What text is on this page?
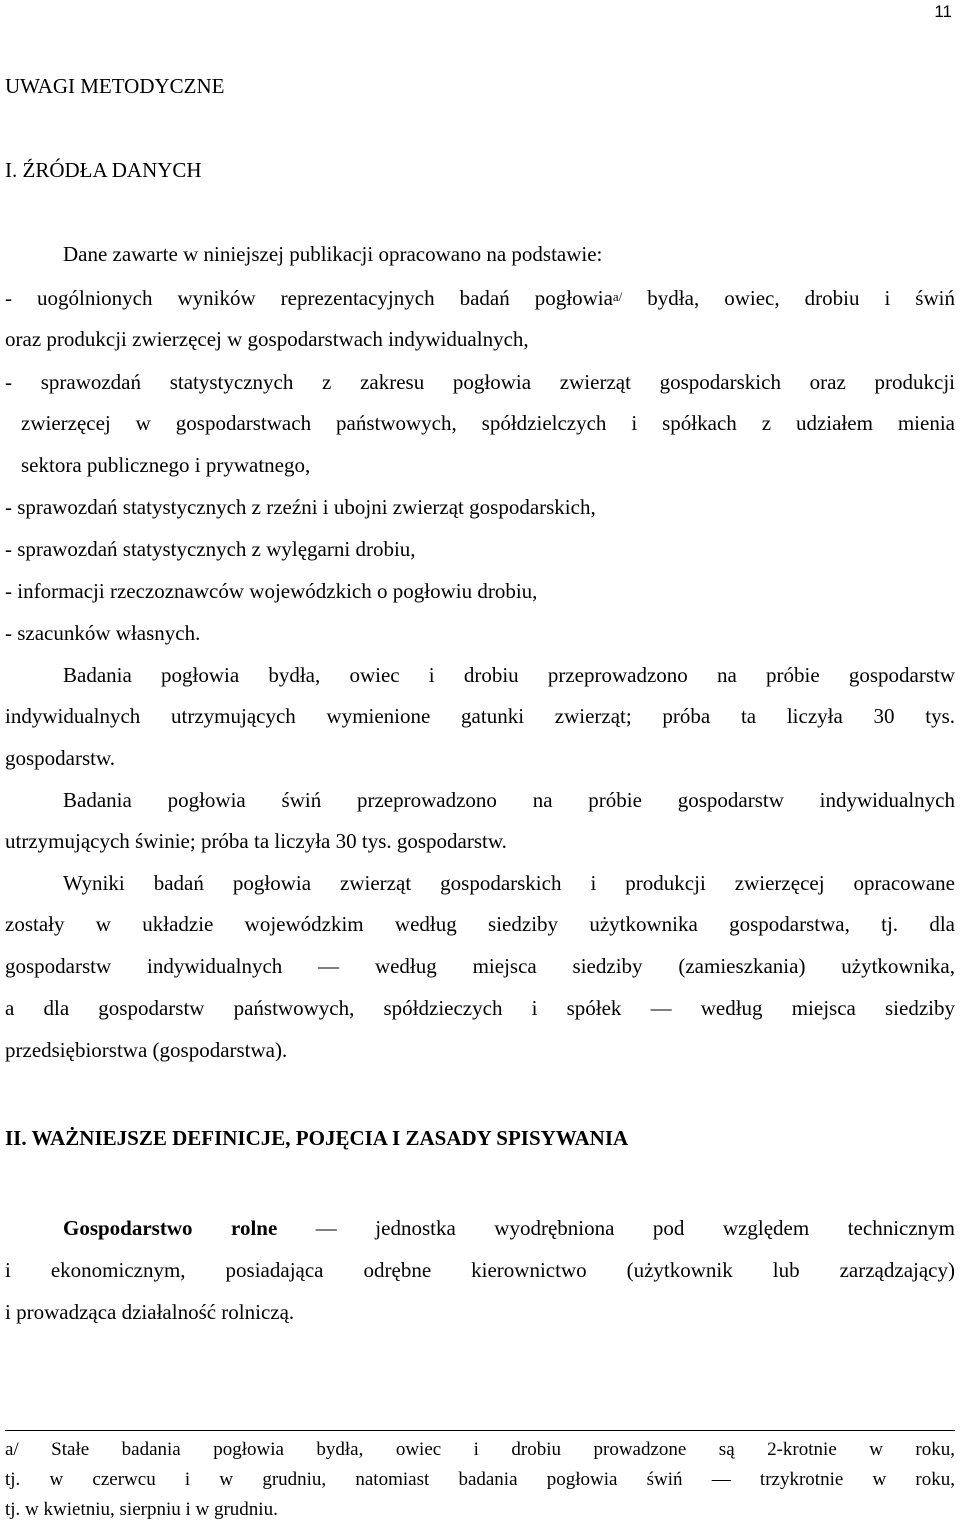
11
UWAGI METODYCZNE
I. ŹRÓDŁA DANYCH
Dane zawarte w niniejszej publikacji opracowano na podstawie:
- uogólnionych wyników reprezentacyjnych badań pogłowia$^{a/}$ bydła, owiec, drobiu i świń
oraz produkcji zwierzęcej w gospodarstwach indywidualnych,
- sprawozdań statystycznych z zakresu pogłowia zwierząt gospodarskich oraz produkcji
zwierzęcej w gospodarstwach państwowych, spółdzielczych i spółkach z udziałem mienia
sektora publicznego i prywatnego,
- sprawozdań statystycznych z rzeźni i ubojni zwierząt gospodarskich,
- sprawozdań statystycznych z wylęgarni drobiu,
- informacji rzeczoznawców wojewódzkich o pogłowiu drobiu,
- szacunków własnych.
Badania pogłowia bydła, owiec i drobiu przeprowadzono na próbie gospodarstw
indywidualnych utrzymujących wymienione gatunki zwierząt; próba ta liczyła 30 tys.
gospodarstw.
Badania pogłowia świń przeprowadzono na próbie gospodarstw indywidualnych
utrzymujących świnie; próba ta liczyła 30 tys. gospodarstw.
Wyniki badań pogłowia zwierząt gospodarskich i produkcji zwierzęcej opracowane
zostały w układzie wojewódzkim według siedziby użytkownika gospodarstwa, tj. dla
gospodarstw indywidualnych — według miejsca siedziby (zamieszkania) użytkownika,
a dla gospodarstw państwowych, spółdzieczych i spółek — według miejsca siedziby
przedsiębiorstwa (gospodarstwa).
II. WAŻNIEJSZE DEFINICJE, POJĘCIA I ZASADY SPISYWANIA
Gospodarstwo rolne — jednostka wyodrębniona pod względem technicznym
i ekonomicznym, posiadająca odrębne kierownictwo (użytkownik lub zarządzający)
i prowadząca działalność rolniczą.
a/ Stałe badania pogłowia bydła, owiec i drobiu prowadzone są 2-krotnie w roku,
tj. w czerwcu i w grudniu, natomiast badania pogłowia świń — trzykrotnie w roku,
tj. w kwietniu, sierpniu i w grudniu.
